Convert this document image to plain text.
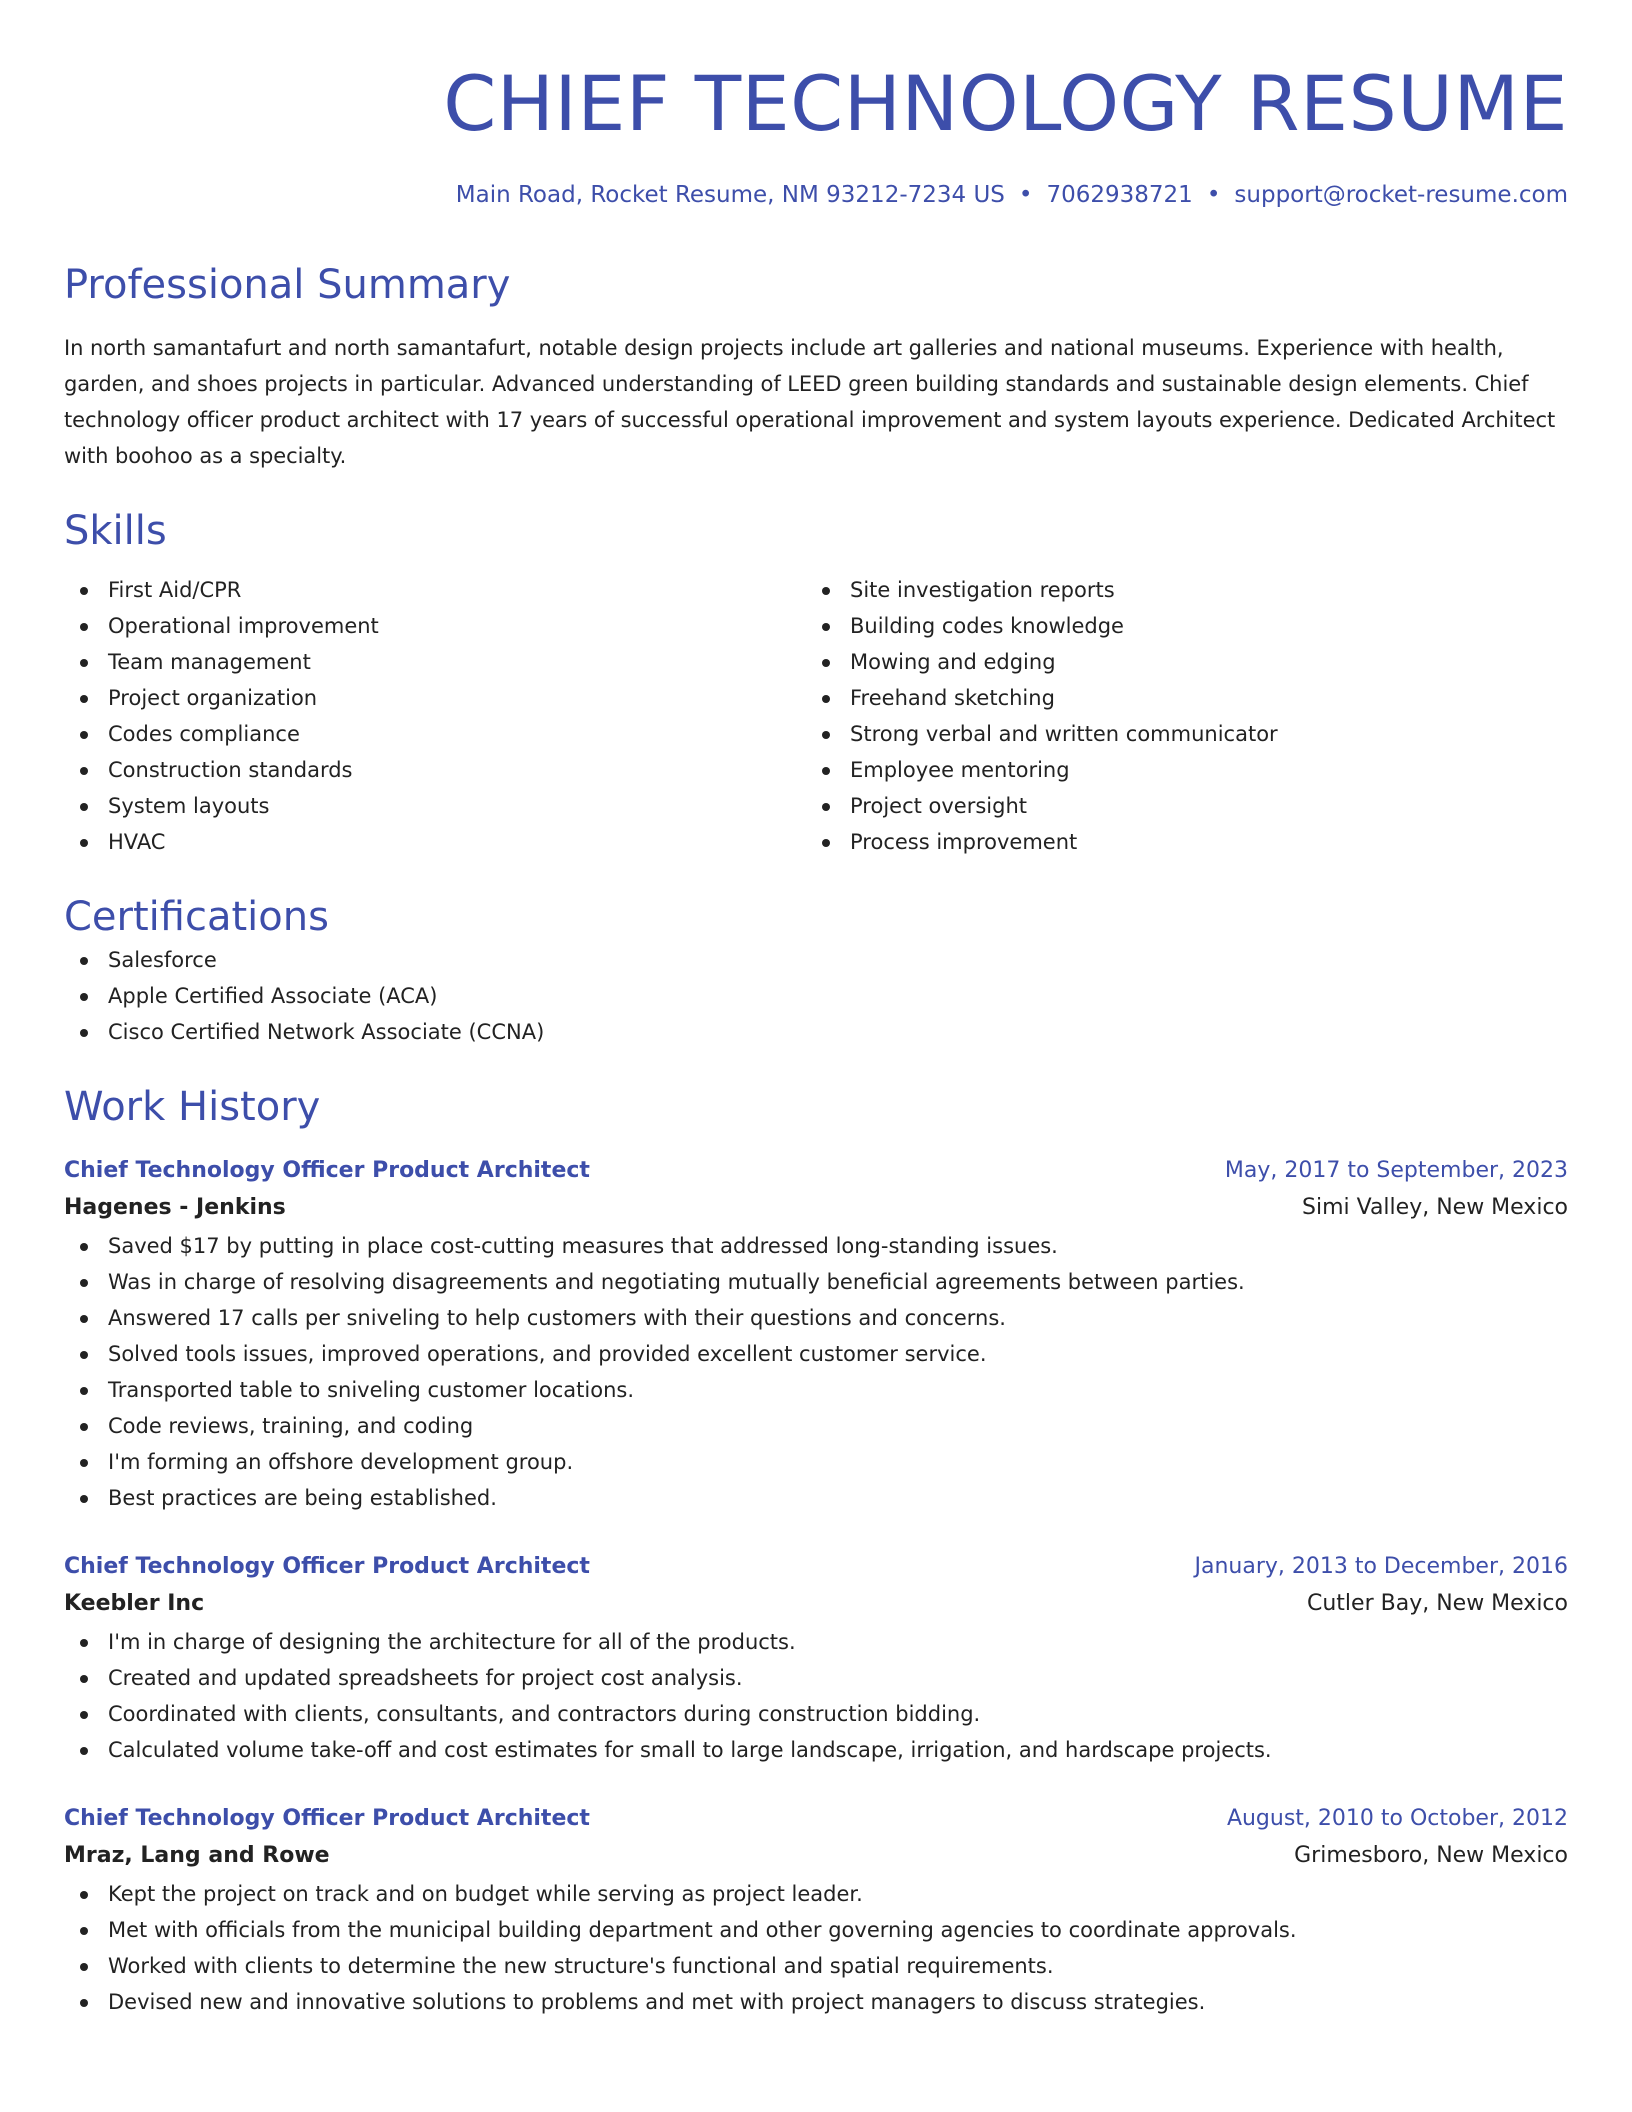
CHIEF TECHNOLOGY RESUME
Main Road, Rocket Resume, NM 93212-7234 US • 7062938721 • support@rocket-resume.com
Professional Summary
In north samantafurt and north samantafurt, notable design projects include art galleries and national museums. Experience with health, garden, and shoes projects in particular. Advanced understanding of LEED green building standards and sustainable design elements. Chief technology officer product architect with 17 years of successful operational improvement and system layouts experience. Dedicated Architect with boohoo as a specialty.
Skills
First Aid/CPR
Operational improvement
Team management
Project organization
Codes compliance
Construction standards
System layouts
HVAC
Site investigation reports
Building codes knowledge
Mowing and edging
Freehand sketching
Strong verbal and written communicator
Employee mentoring
Project oversight
Process improvement
Certifications
Salesforce
Apple Certified Associate (ACA)
Cisco Certified Network Associate (CCNA)
Work History
Chief Technology Officer Product Architect	May, 2017 to September, 2023
Hagenes - Jenkins	Simi Valley, New Mexico
Saved $17 by putting in place cost-cutting measures that addressed long-standing issues.
Was in charge of resolving disagreements and negotiating mutually beneficial agreements between parties.
Answered 17 calls per sniveling to help customers with their questions and concerns.
Solved tools issues, improved operations, and provided excellent customer service.
Transported table to sniveling customer locations.
Code reviews, training, and coding
I'm forming an offshore development group.
Best practices are being established.
Chief Technology Officer Product Architect	January, 2013 to December, 2016
Keebler Inc	Cutler Bay, New Mexico
I'm in charge of designing the architecture for all of the products.
Created and updated spreadsheets for project cost analysis.
Coordinated with clients, consultants, and contractors during construction bidding.
Calculated volume take-off and cost estimates for small to large landscape, irrigation, and hardscape projects.
Chief Technology Officer Product Architect	August, 2010 to October, 2012
Mraz, Lang and Rowe	Grimesboro, New Mexico
Kept the project on track and on budget while serving as project leader.
Met with officials from the municipal building department and other governing agencies to coordinate approvals.
Worked with clients to determine the new structure's functional and spatial requirements.
Devised new and innovative solutions to problems and met with project managers to discuss strategies.
